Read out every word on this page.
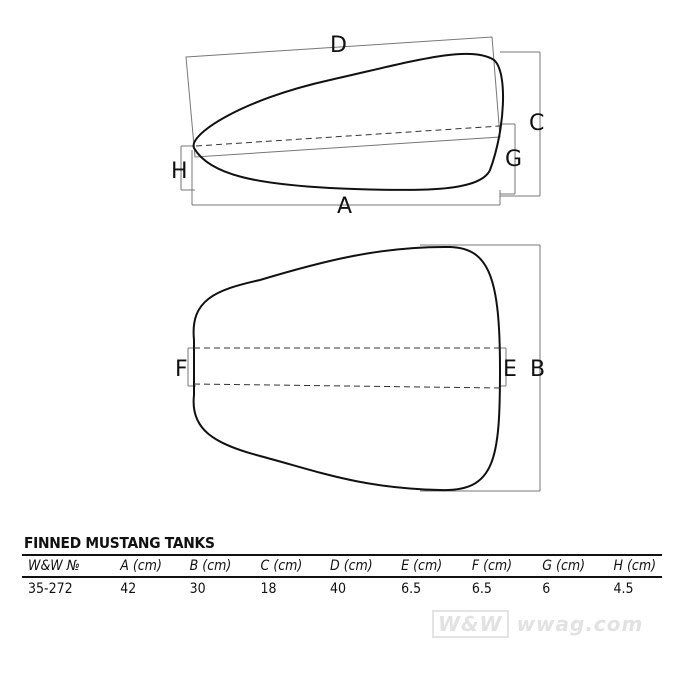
D
C
G
H
A
F	E B
FINNED MUSTANG TANKS
W&W №	A (cm)	B (cm)	C (cm)	D (cm)	E (cm)	F (cm)	G (cm)	H (cm)
35-272	42	30	18	40	6.5	6.5	6	4.5
W&W wwag.com
